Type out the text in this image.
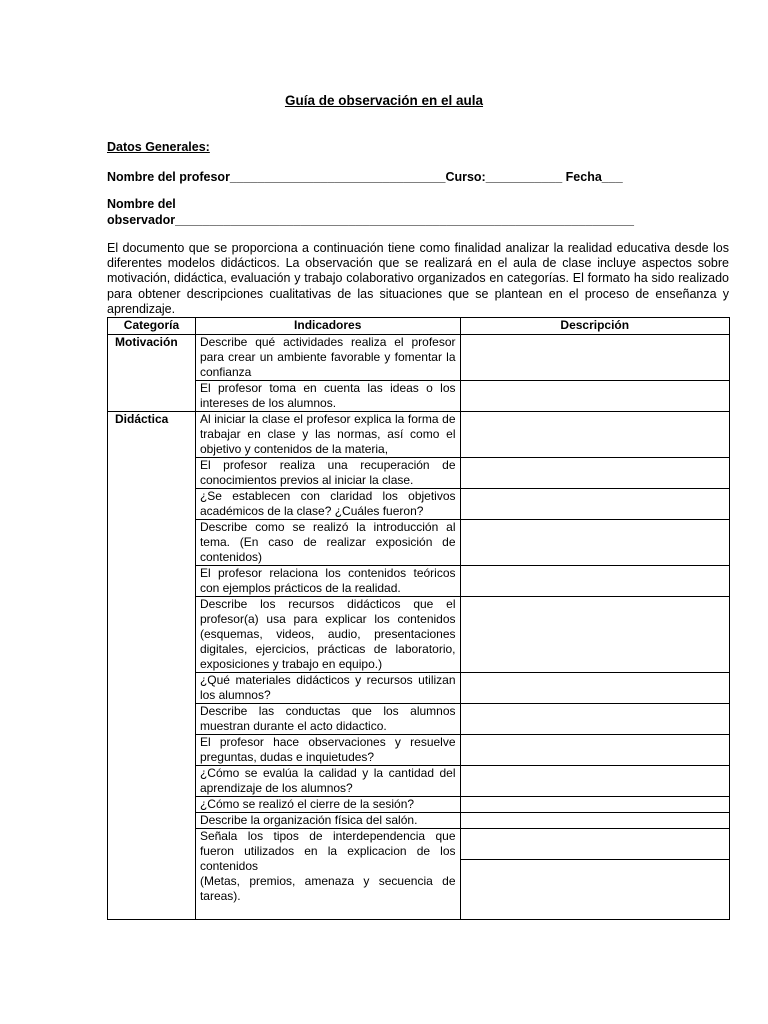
Guía de observación en el aula
Datos Generales:
Nombre del profesor_______________________________Curso:___________ Fecha___
Nombre del
observador__________________________________________________________________
El documento que se proporciona a continuación tiene como finalidad analizar la realidad educativa desde los diferentes modelos didácticos. La observación que se realizará en el aula de clase incluye aspectos sobre motivación, didáctica, evaluación y trabajo colaborativo organizados en categorías. El formato ha sido realizado para obtener descripciones cualitativas de las situaciones que se plantean en el proceso de enseñanza y aprendizaje.
Categoría	Indicadores	Descripción
Motivación	Describe qué actividades realiza el profesor para crear un ambiente favorable y fomentar la confianza	
	El profesor toma en cuenta las ideas o los intereses de los alumnos.	
Didáctica	Al iniciar la clase el profesor explica la forma de trabajar en clase y las normas, así como el objetivo y contenidos de la materia,	
	El profesor realiza una recuperación de conocimientos previos al iniciar la clase.	
	¿Se establecen con claridad los objetivos académicos de la clase? ¿Cuáles fueron?	
	Describe como se realizó la introducción al tema. (En caso de realizar exposición de contenidos)	
	El profesor relaciona los contenidos teóricos con ejemplos prácticos de la realidad.	
	Describe los recursos didácticos que el profesor(a) usa para explicar los contenidos (esquemas, videos, audio, presentaciones digitales, ejercicios, prácticas de laboratorio, exposiciones y trabajo en equipo.)	
	¿Qué materiales didácticos y recursos utilizan los alumnos?	
	Describe las conductas que los alumnos muestran durante el acto didactico.	
	El profesor hace observaciones y resuelve preguntas, dudas e inquietudes?	
	¿Cómo se evalúa la calidad y la cantidad del aprendizaje de los alumnos?	
	¿Cómo se realizó el cierre de la sesión?	
	Describe la organización física del salón.	

	Señala los tipos de interdependencia que fueron utilizados en la explicacion de los contenidos
(Metas, premios, amenaza y secuencia de tareas).	
